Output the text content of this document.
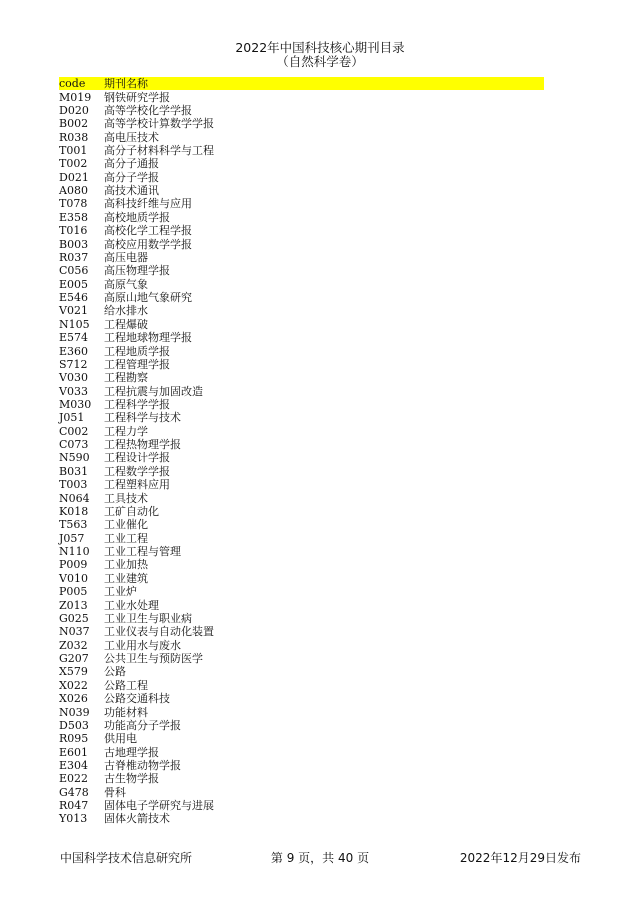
2022年中国科技核心期刊目录
（自然科学卷）
code	期刊名称
M019	钢铁研究学报
D020	高等学校化学学报
B002	高等学校计算数学学报
R038	高电压技术
T001	高分子材料科学与工程
T002	高分子通报
D021	高分子学报
A080	高技术通讯
T078	高科技纤维与应用
E358	高校地质学报
T016	高校化学工程学报
B003	高校应用数学学报
R037	高压电器
C056	高压物理学报
E005	高原气象
E546	高原山地气象研究
V021	给水排水
N105	工程爆破
E574	工程地球物理学报
E360	工程地质学报
S712	工程管理学报
V030	工程勘察
V033	工程抗震与加固改造
M030	工程科学学报
J051	工程科学与技术
C002	工程力学
C073	工程热物理学报
N590	工程设计学报
B031	工程数学学报
T003	工程塑料应用
N064	工具技术
K018	工矿自动化
T563	工业催化
J057	工业工程
N110	工业工程与管理
P009	工业加热
V010	工业建筑
P005	工业炉
Z013	工业水处理
G025	工业卫生与职业病
N037	工业仪表与自动化装置
Z032	工业用水与废水
G207	公共卫生与预防医学
X579	公路
X022	公路工程
X026	公路交通科技
N039	功能材料
D503	功能高分子学报
R095	供用电
E601	古地理学报
E304	古脊椎动物学报
E022	古生物学报
G478	骨科
R047	固体电子学研究与进展
Y013	固体火箭技术
中国科学技术信息研究所	第 9 页，共 40 页	2022年12月29日发布
